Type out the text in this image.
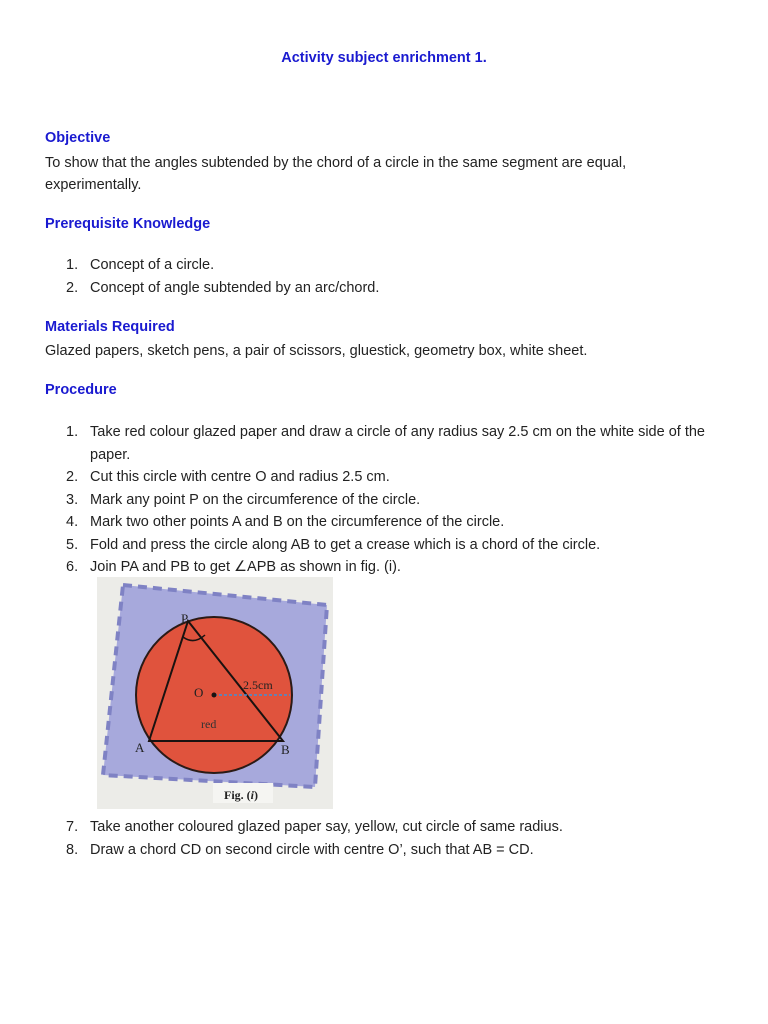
Activity subject enrichment 1.
Objective
To show that the angles subtended by the chord of a circle in the same segment are equal, experimentally.
Prerequisite Knowledge
1. Concept of a circle.
2. Concept of angle subtended by an arc/chord.
Materials Required
Glazed papers, sketch pens, a pair of scissors, gluestick, geometry box, white sheet.
Procedure
1. Take red colour glazed paper and draw a circle of any radius say 2.5 cm on the white side of the paper.
2. Cut this circle with centre O and radius 2.5 cm.
3. Mark any point P on the circumference of the circle.
4. Mark two other points A and B on the circumference of the circle.
5. Fold and press the circle along AB to get a crease which is a chord of the circle.
6. Join PA and PB to get ∠APB as shown in fig. (i).
P
O	2.5cm
red
A	B
Fig. (i)
7. Take another coloured glazed paper say, yellow, cut circle of same radius.
8. Draw a chord CD on second circle with centre O’, such that AB = CD.
